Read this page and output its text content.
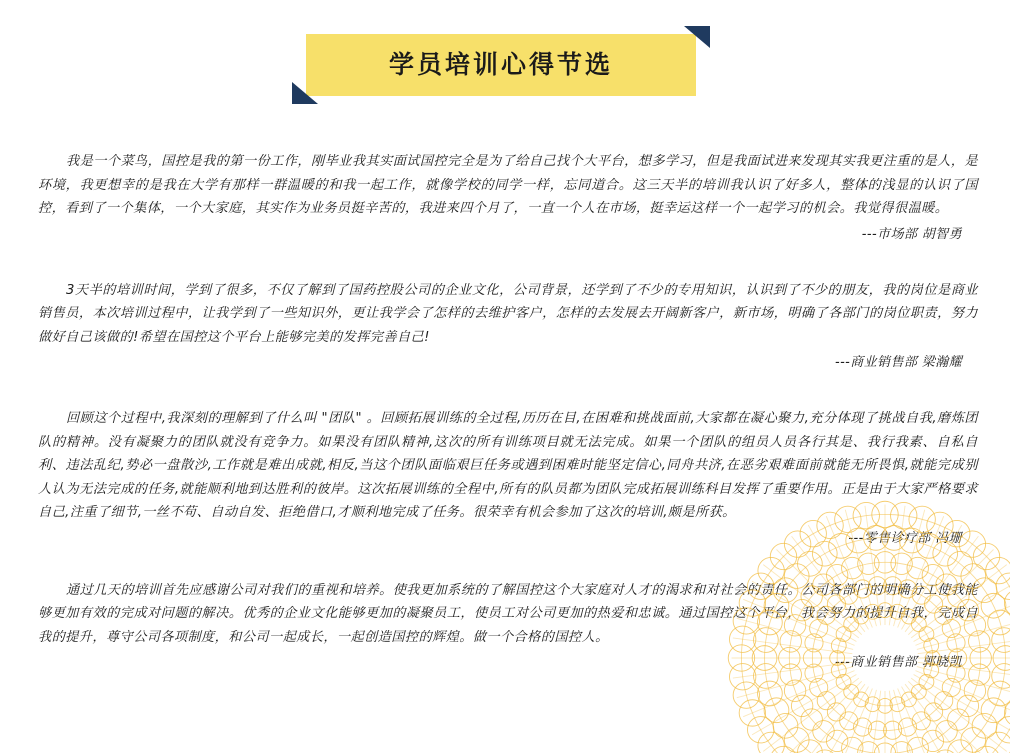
学员培训心得节选

我是一个菜鸟，国控是我的第一份工作，刚毕业我其实面试国控完全是为了给自己找个大平台，想多学习，但是我面试进来发现其实我更注重的是人，是环境，我更想幸的是我在大学有那样一群温暖的和我一起工作，就像学校的同学一样，忘同道合。这三天半的培训我认识了好多人，整体的浅显的认识了国控，看到了一个集体，一个大家庭，其实作为业务员挺辛苦的，我进来四个月了，一直一个人在市场，挺幸运这样一个一起学习的机会。我觉得很温暖。

---市场部 胡智勇

3天半的培训时间，学到了很多，不仅了解到了国药控股公司的企业文化，公司背景，还学到了不少的专用知识，认识到了不少的朋友，我的岗位是商业销售员，本次培训过程中，让我学到了一些知识外，更让我学会了怎样的去维护客户，怎样的去发展去开阔新客户，新市场，明确了各部门的岗位职责，努力做好自己该做的!希望在国控这个平台上能够完美的发挥完善自己!

---商业销售部 梁瀚耀

回顾这个过程中,我深刻的理解到了什么叫 "团队" 。回顾拓展训练的全过程,历历在目,在困难和挑战面前,大家都在凝心聚力,充分体现了挑战自我,磨炼团队的精神。没有凝聚力的团队就没有竞争力。如果没有团队精神,这次的所有训练项目就无法完成。如果一个团队的组员人员各行其是、我行我素、自私自利、违法乱纪,势必一盘散沙,工作就是难出成就,相反,当这个团队面临艰巨任务或遇到困难时能坚定信心,同舟共济,在恶劣艰难面前就能无所畏惧,就能完成别人认为无法完成的任务,就能顺利地到达胜利的彼岸。这次拓展训练的全程中,所有的队员都为团队完成拓展训练科目发挥了重要作用。正是由于大家严格要求自己,注重了细节,一丝不苟、自动自发、拒绝借口,才顺利地完成了任务。很荣幸有机会参加了这次的培训,颇是所获。

---零售诊疗部 冯珊

通过几天的培训首先应感谢公司对我们的重视和培养。使我更加系统的了解国控这个大家庭对人才的渴求和对社会的责任。公司各部门的明确分工使我能够更加有效的完成对问题的解决。优秀的企业文化能够更加的凝聚员工，使员工对公司更加的热爱和忠诚。通过国控这个平台，我会努力的提升自我，完成自我的提升，尊守公司各项制度，和公司一起成长，一起创造国控的辉煌。做一个合格的国控人。

---商业销售部 郭晓凯
